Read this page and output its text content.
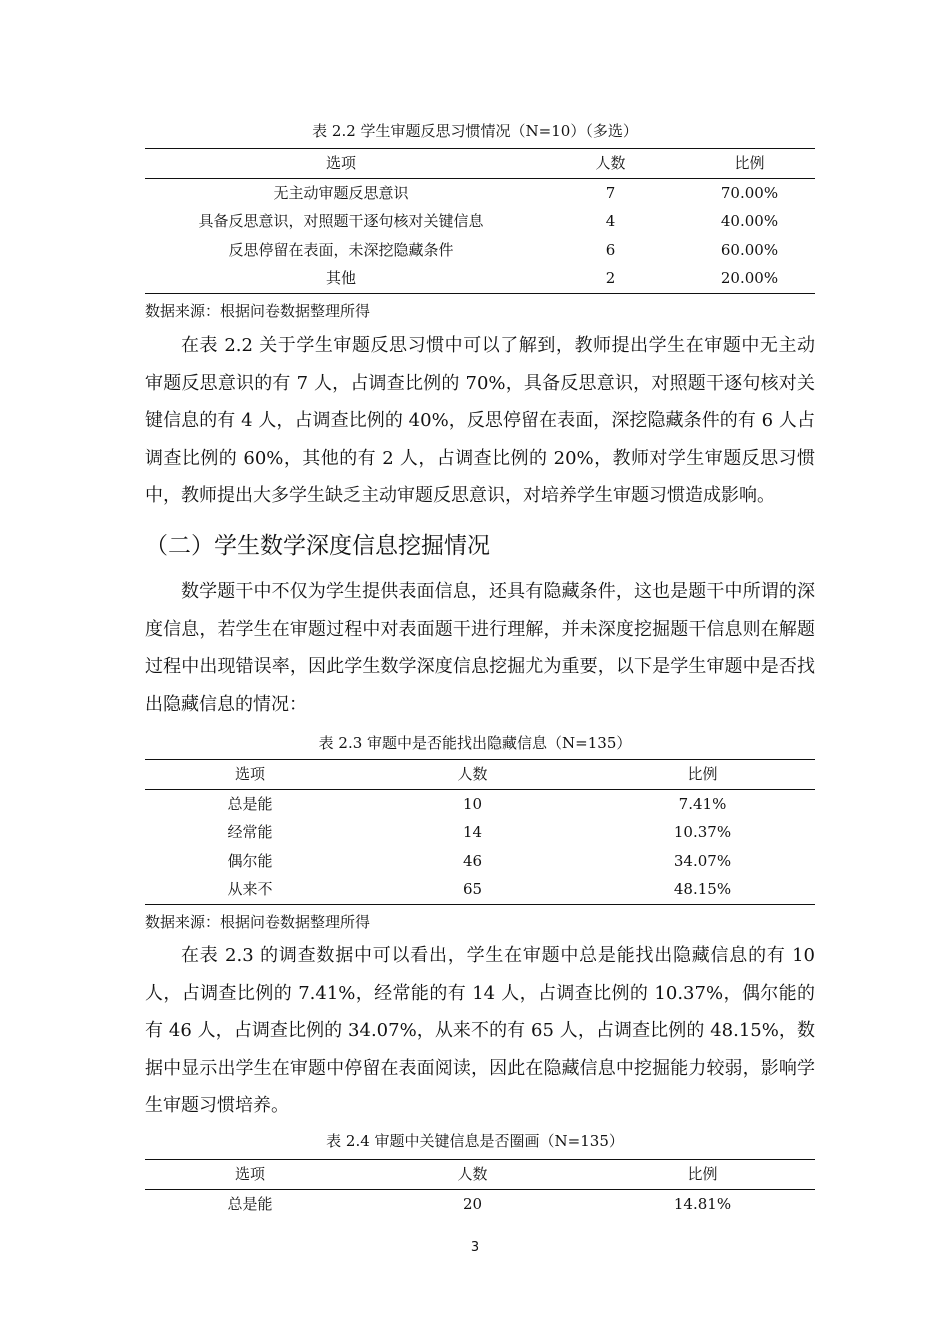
表 2.2 学生审题反思习惯情况（N=10）（多选）
选项	人数	比例
无主动审题反思意识	7	70.00%
具备反思意识，对照题干逐句核对关键信息	4	40.00%
反思停留在表面，未深挖隐藏条件	6	60.00%
其他	2	20.00%
数据来源：根据问卷数据整理所得

在表 2.2 关于学生审题反思习惯中可以了解到，教师提出学生在审题中无主动审题反思意识的有 7 人，占调查比例的 70%，具备反思意识，对照题干逐句核对关键信息的有 4 人，占调查比例的 40%，反思停留在表面，深挖隐藏条件的有 6 人占调查比例的 60%，其他的有 2 人，占调查比例的 20%，教师对学生审题反思习惯中，教师提出大多学生缺乏主动审题反思意识，对培养学生审题习惯造成影响。

（二）学生数学深度信息挖掘情况

数学题干中不仅为学生提供表面信息，还具有隐藏条件，这也是题干中所谓的深度信息，若学生在审题过程中对表面题干进行理解，并未深度挖掘题干信息则在解题过程中出现错误率，因此学生数学深度信息挖掘尤为重要，以下是学生审题中是否找出隐藏信息的情况：

表 2.3 审题中是否能找出隐藏信息（N=135）
选项	人数	比例
总是能	10	7.41%
经常能	14	10.37%
偶尔能	46	34.07%
从来不	65	48.15%
数据来源：根据问卷数据整理所得

在表 2.3 的调查数据中可以看出，学生在审题中总是能找出隐藏信息的有 10 人，占调查比例的 7.41%，经常能的有 14 人，占调查比例的 10.37%，偶尔能的有 46 人，占调查比例的 34.07%，从来不的有 65 人，占调查比例的 48.15%，数据中显示出学生在审题中停留在表面阅读，因此在隐藏信息中挖掘能力较弱，影响学生审题习惯培养。

表 2.4 审题中关键信息是否圈画（N=135）
选项	人数	比例
总是能	20	14.81%
3
